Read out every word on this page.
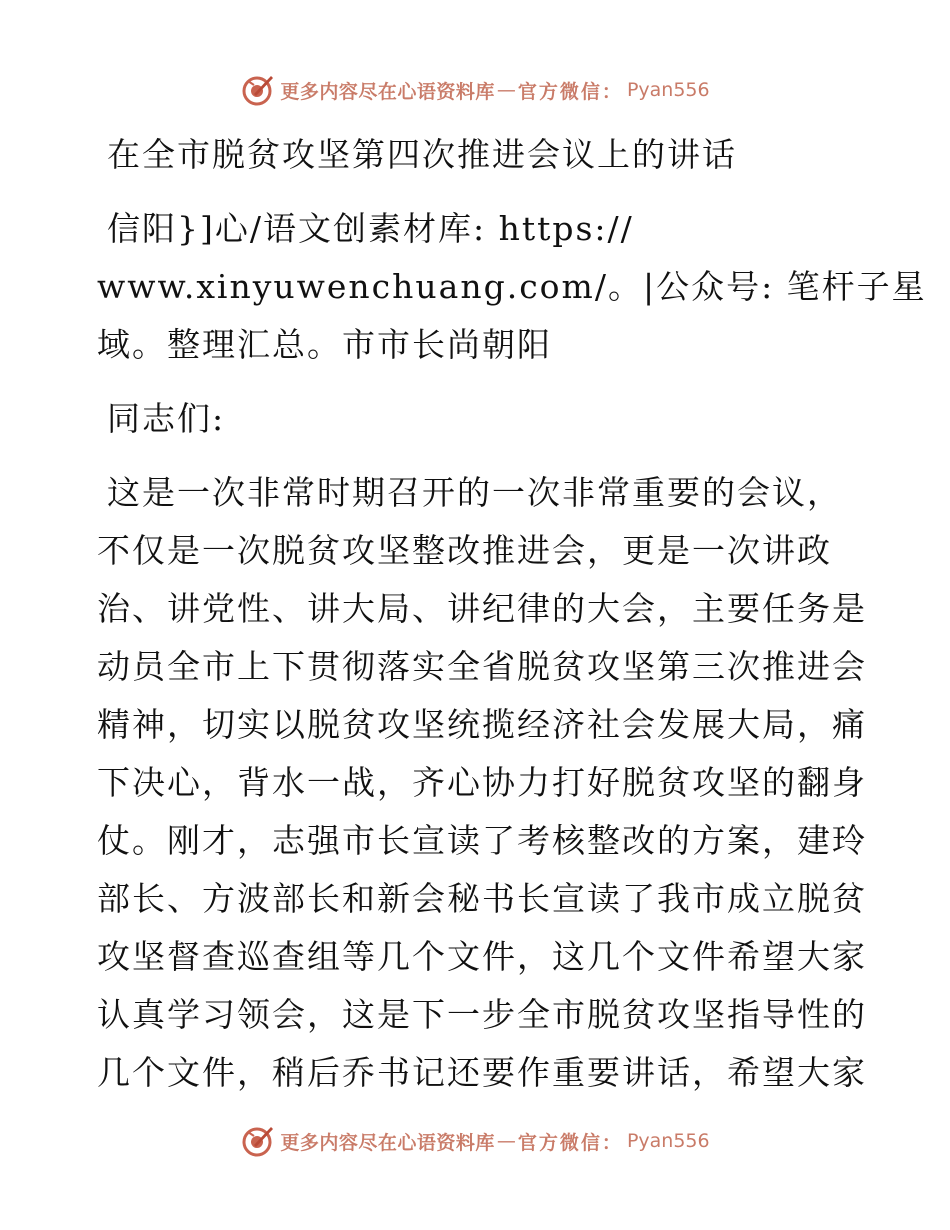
更多内容尽在心语资料库 — 官方微信： Pyan556
在全市脱贫攻坚第四次推进会议上的讲话
信阳}]心/语文创素材库: https://
www.xinyuwenchuang.com/。|公众号: 笔杆子星
域。整理汇总。市市长尚朝阳
同志们:
这是一次非常时期召开的一次非常重要的会议，
不仅是一次脱贫攻坚整改推进会，更是一次讲政
治、讲党性、讲大局、讲纪律的大会，主要任务是
动员全市上下贯彻落实全省脱贫攻坚第三次推进会
精神，切实以脱贫攻坚统揽经济社会发展大局，痛
下决心，背水一战，齐心协力打好脱贫攻坚的翻身
仗。刚才，志强市长宣读了考核整改的方案，建玲
部长、方波部长和新会秘书长宣读了我市成立脱贫
攻坚督查巡查组等几个文件，这几个文件希望大家
认真学习领会，这是下一步全市脱贫攻坚指导性的
几个文件，稍后乔书记还要作重要讲话，希望大家
更多内容尽在心语资料库 — 官方微信： Pyan556
